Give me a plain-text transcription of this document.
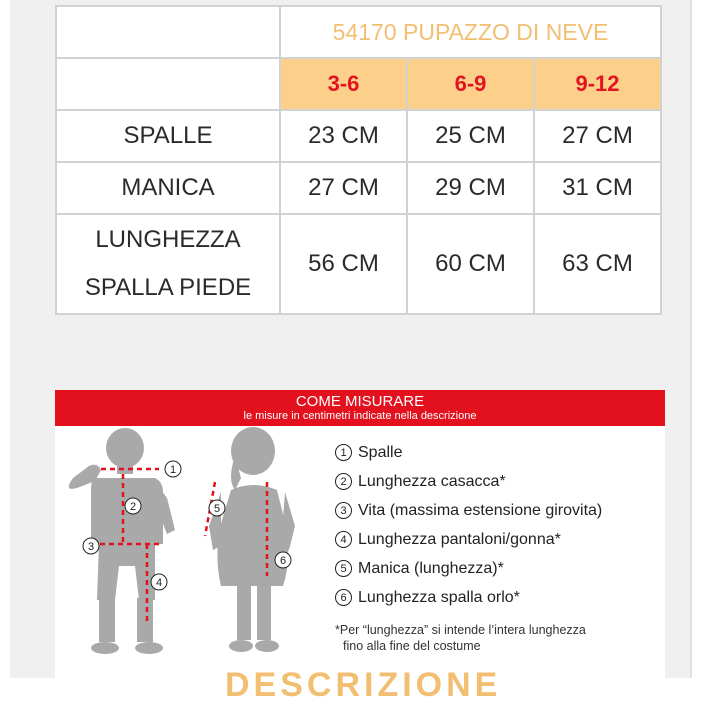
	54170 PUPAZZO DI NEVE		
	3-6	6-9	9-12
SPALLE	23 CM	25 CM	27 CM
MANICA	27 CM	29 CM	31 CM

LUNGHEZZA
SPALLA PIEDE	56 CM	60 CM	63 CM
COME MISURARE
le misure in centimetri indicate nella descrizione
1
2
3
4
5
6
1 Spalle
2 Lunghezza casacca*
3 Vita (massima estensione girovita)
4 Lunghezza pantaloni/gonna*
5 Manica (lunghezza)*
6 Lunghezza spalla orlo*
*Per “lunghezza” si intende l’intera lunghezza
fino alla fine del costume
DESCRIZIONE
